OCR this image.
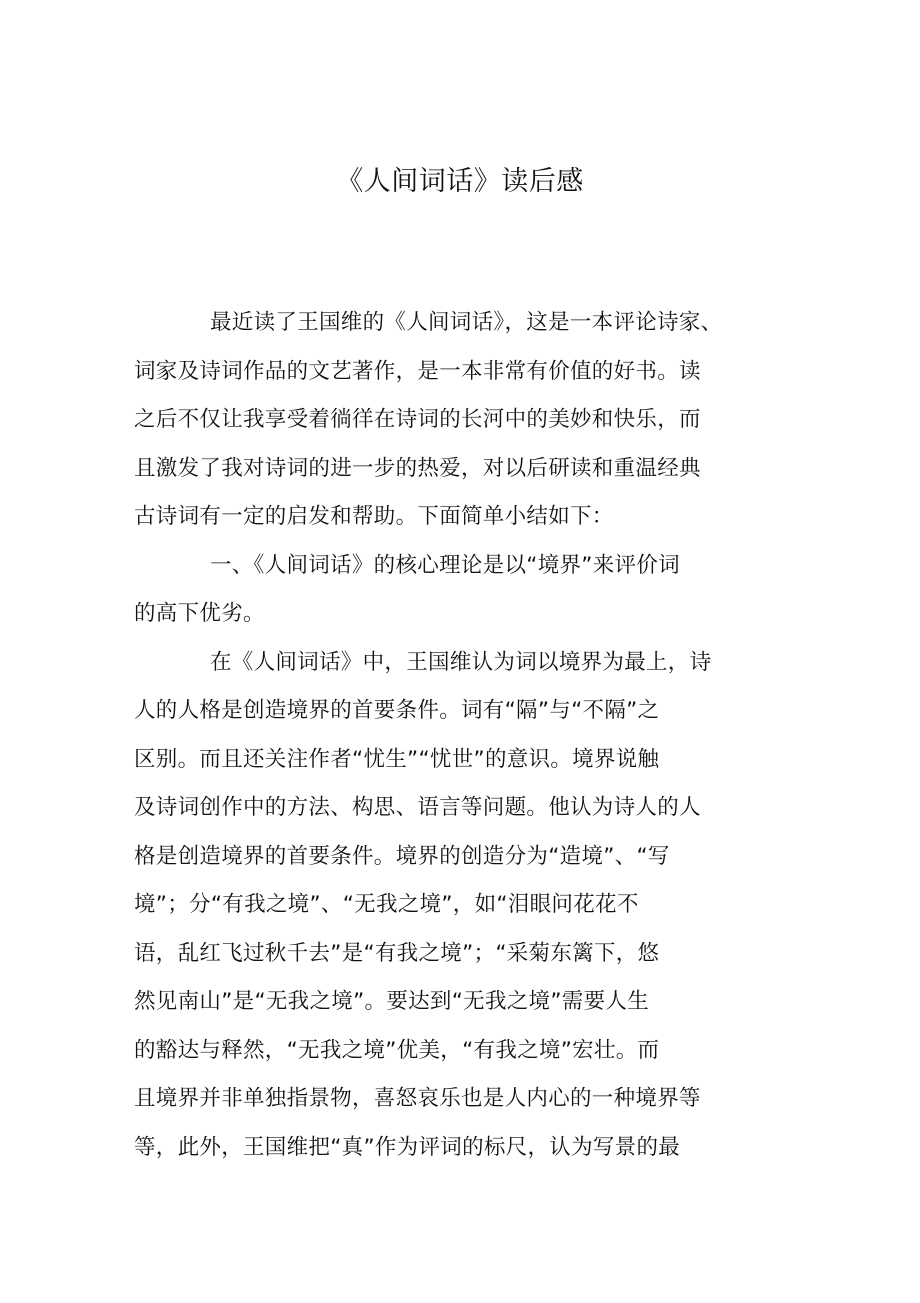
《人间词话》读后感
最近读了王国维的《人间词话》，这是一本评论诗家、
词家及诗词作品的文艺著作，是一本非常有价值的好书。读
之后不仅让我享受着徜徉在诗词的长河中的美妙和快乐，而
且激发了我对诗词的进一步的热爱，对以后研读和重温经典
古诗词有一定的启发和帮助。下面简单小结如下：
一、《人间词话》的核心理论是以“境界”来评价词
的高下优劣。
在《人间词话》中，王国维认为词以境界为最上，诗
人的人格是创造境界的首要条件。词有“隔”与“不隔”之
区别。而且还关注作者“忧生”“忧世”的意识。境界说触
及诗词创作中的方法、构思、语言等问题。他认为诗人的人
格是创造境界的首要条件。境界的创造分为“造境”、“写
境”；分“有我之境”、“无我之境”，如“泪眼问花花不
语，乱红飞过秋千去”是“有我之境”；“采菊东篱下，悠
然见南山”是“无我之境”。要达到“无我之境”需要人生
的豁达与释然，“无我之境”优美，“有我之境”宏壮。而
且境界并非单独指景物，喜怒哀乐也是人内心的一种境界等
等，此外，王国维把“真”作为评词的标尺，认为写景的最
